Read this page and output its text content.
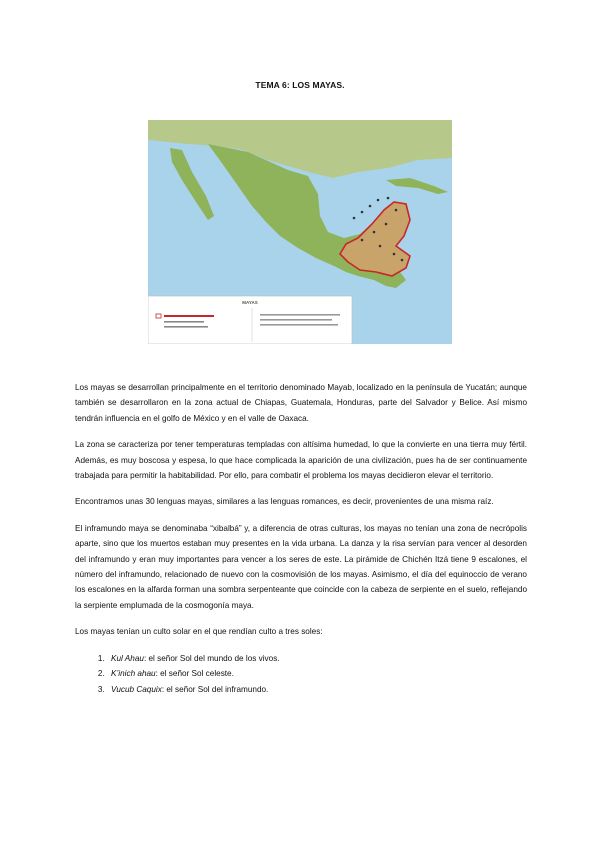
TEMA 6: LOS MAYAS.
MAYAS

Los mayas se desarrollan principalmente en el territorio denominado Mayab, localizado en la península de Yucatán; aunque también se desarrollaron en la zona actual de Chiapas, Guatemala, Honduras, parte del Salvador y Belice. Así mismo tendrán influencia en el golfo de México y en el valle de Oaxaca.

La zona se caracteriza por tener temperaturas templadas con altísima humedad, lo que la convierte en una tierra muy fértil. Además, es muy boscosa y espesa, lo que hace complicada la aparición de una civilización, pues ha de ser continuamente trabajada para permitir la habitabilidad. Por ello, para combatir el problema los mayas decidieron elevar el territorio.

Encontramos unas 30 lenguas mayas, similares a las lenguas romances, es decir, provenientes de una misma raíz.

El inframundo maya se denominaba “xibalbá” y, a diferencia de otras culturas, los mayas no tenían una zona de necrópolis aparte, sino que los muertos estaban muy presentes en la vida urbana. La danza y la risa servían para vencer al desorden del inframundo y eran muy importantes para vencer a los seres de este. La pirámide de Chichén Itzá tiene 9 escalones, el número del inframundo, relacionado de nuevo con la cosmovisión de los mayas. Asimismo, el día del equinoccio de verano los escalones en la alfarda forman una sombra serpenteante que coincide con la cabeza de serpiente en el suelo, reflejando la serpiente emplumada de la cosmogonía maya.

Los mayas tenían un culto solar en el que rendían culto a tres soles:

1. Kul Ahau: el señor Sol del mundo de los vivos.
2. K’inich ahau: el señor Sol celeste.
3. Vucub Caquix: el señor Sol del inframundo.
